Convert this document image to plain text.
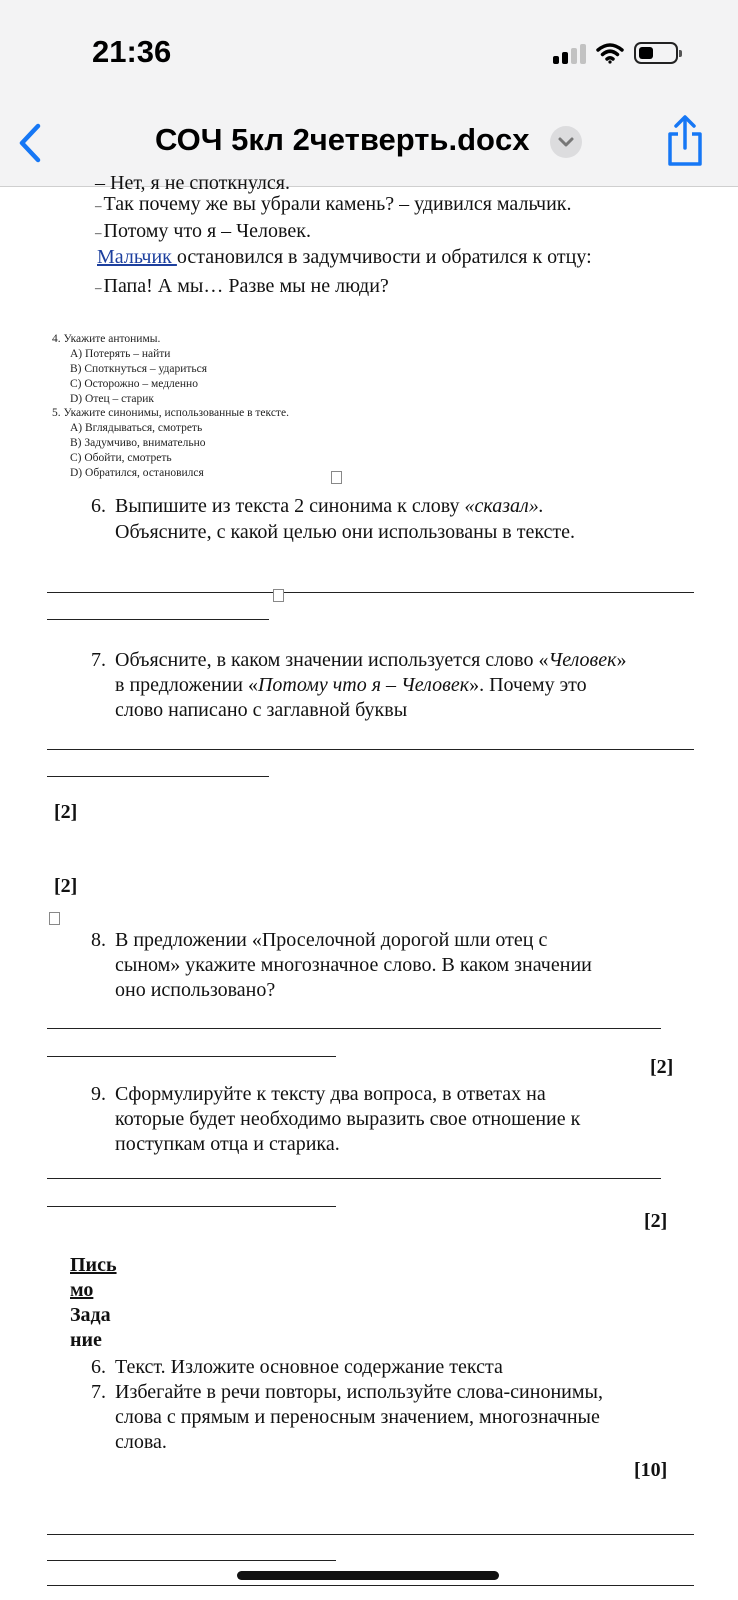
21:36
СОЧ 5кл 2четверть.docx
– Нет, я не споткнулся.
– Так почему же вы убрали камень? – удивился мальчик.
– Потому что я – Человек.
Мальчик остановился в задумчивости и обратился к отцу:
– Папа! А мы… Разве мы не люди?
4. Укажите антонимы.
A) Потерять – найти
B) Споткнуться – удариться
C) Осторожно – медленно
D) Отец – старик
5. Укажите синонимы, использованные в тексте.
A) Вглядываться, смотреть
B) Задумчиво, внимательно
C) Обойти, смотреть
D) Обратился, остановился
6. Выпишите из текста 2 синонима к слову «сказал».
Объясните, с какой целью они использованы в тексте.
7. Объясните, в каком значении используется слово «Человек»
в предложении «Потому что я – Человек». Почему это
слово написано с заглавной буквы
[2]
[2]
8. В предложении «Проселочной дорогой шли отец с
сыном» укажите многозначное слово. В каком значении
оно использовано?
[2]
9. Сформулируйте к тексту два вопроса, в ответах на
которые будет необходимо выразить свое отношение к
поступкам отца и старика.
[2]
Пись
мо
Зада
ние
6. Текст. Изложите основное содержание текста
7. Избегайте в речи повторы, используйте слова-синонимы,
слова с прямым и переносным значением, многозначные
слова.
[10]
